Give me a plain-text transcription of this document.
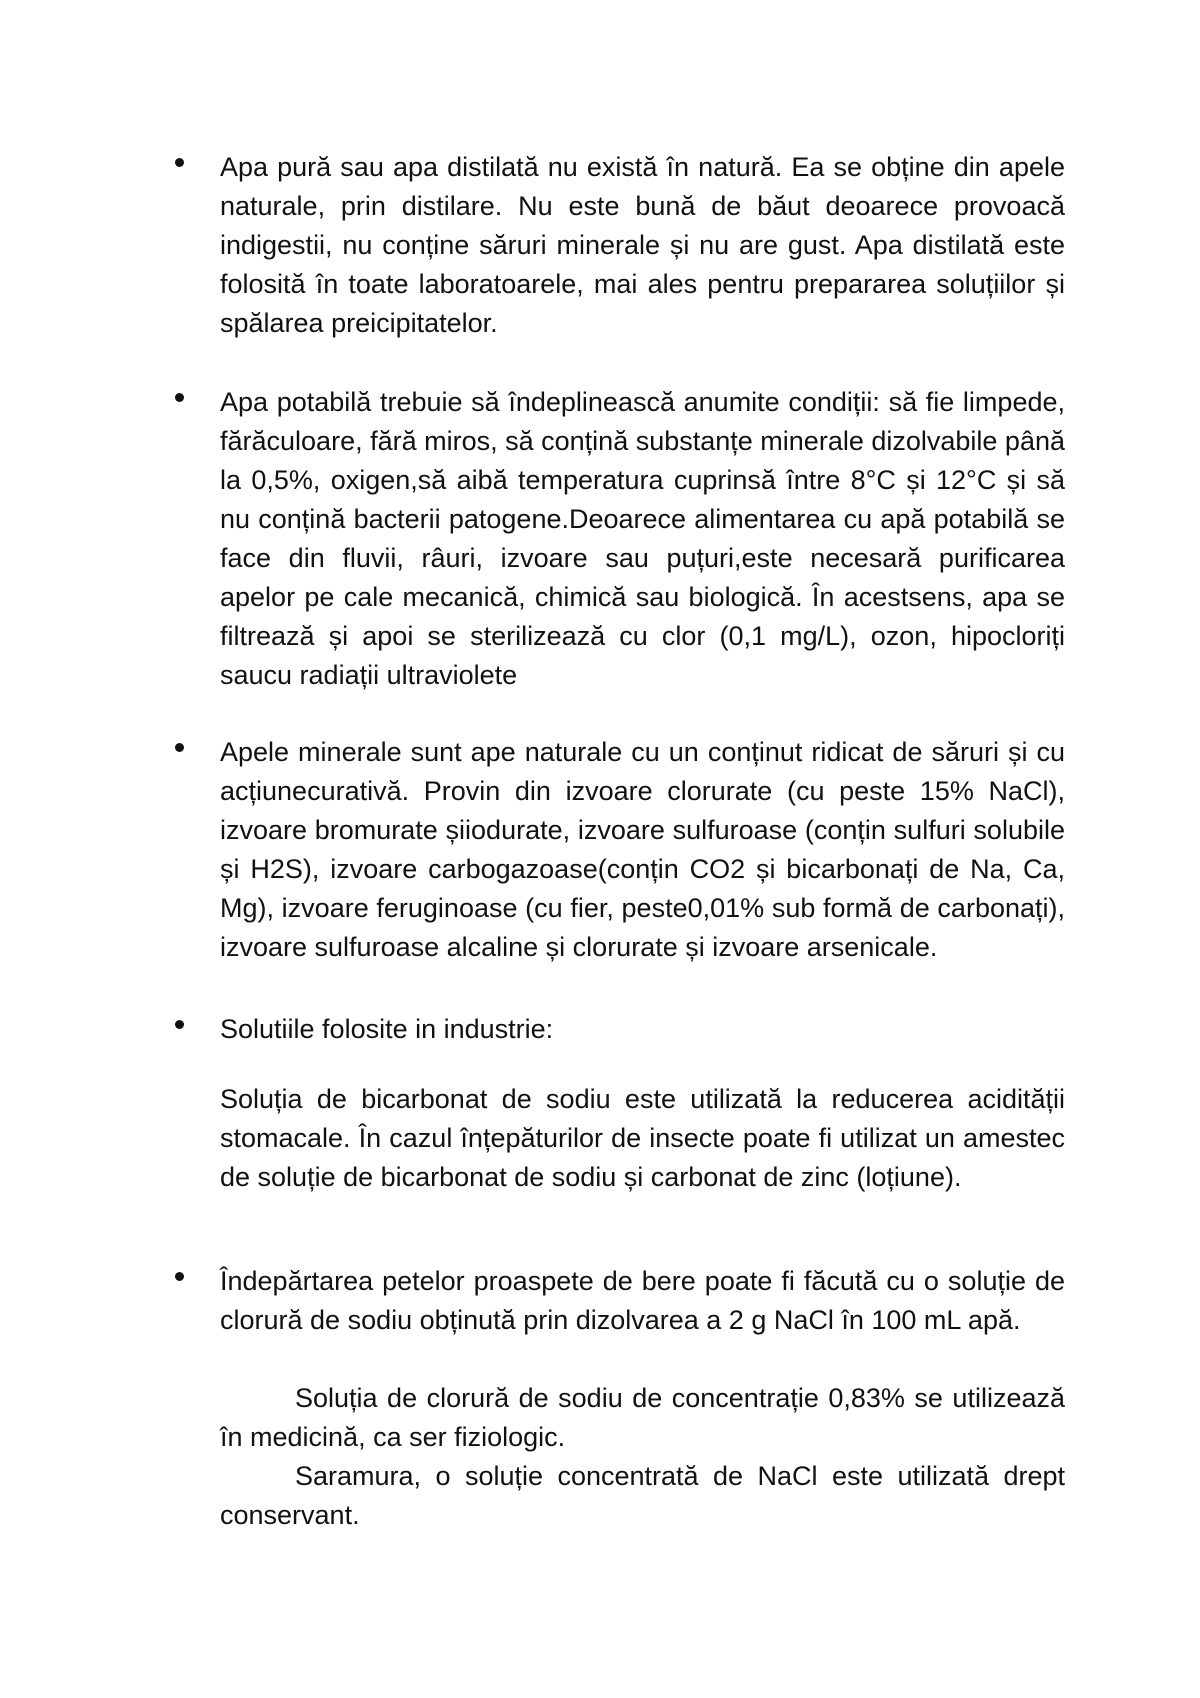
Apa pură sau apa distilată nu există în natură. Ea se obține din apele naturale, prin distilare. Nu este bună de băut deoarece provoacă indigestii, nu conține săruri minerale și nu are gust. Apa distilată este folosită în toate laboratoarele, mai ales pentru prepararea soluțiilor și spălarea preicipitatelor.

Apa potabilă trebuie să îndeplinească anumite condiții: să fie limpede, fărăculoare, fără miros, să conțină substanțe minerale dizolvabile până la 0,5%, oxigen,să aibă temperatura cuprinsă între 8°C și 12°C și să nu conțină bacterii patogene.Deoarece alimentarea cu apă potabilă se face din fluvii, râuri, izvoare sau puțuri,este necesară purificarea apelor pe cale mecanică, chimică sau biologică. În acestsens, apa se filtrează și apoi se sterilizează cu clor (0,1 mg/L), ozon, hipocloriți saucu radiații ultraviolete

Apele minerale sunt ape naturale cu un conținut ridicat de săruri și cu acțiunecurativă. Provin din izvoare clorurate (cu peste 15% NaCl), izvoare bromurate șiiodurate, izvoare sulfuroase (conțin sulfuri solubile și H2S), izvoare carbogazoase(conțin CO2 și bicarbonați de Na, Ca, Mg), izvoare feruginoase (cu fier, peste0,01% sub formă de carbonați), izvoare sulfuroase alcaline și clorurate și izvoare arsenicale.

Solutiile folosite in industrie:

Soluția de bicarbonat de sodiu este utilizată la reducerea acidității stomacale. În cazul înțepăturilor de insecte poate fi utilizat un amestec de soluție de bicarbonat de sodiu și carbonat de zinc (loțiune).

Îndepărtarea petelor proaspete de bere poate fi făcută cu o soluție de clorură de sodiu obținută prin dizolvarea a 2 g NaCl în 100 mL apă.

Soluția de clorură de sodiu de concentrație 0,83% se utilizează în medicină, ca ser fiziologic.

Saramura, o soluție concentrată de NaCl este utilizată drept conservant.
